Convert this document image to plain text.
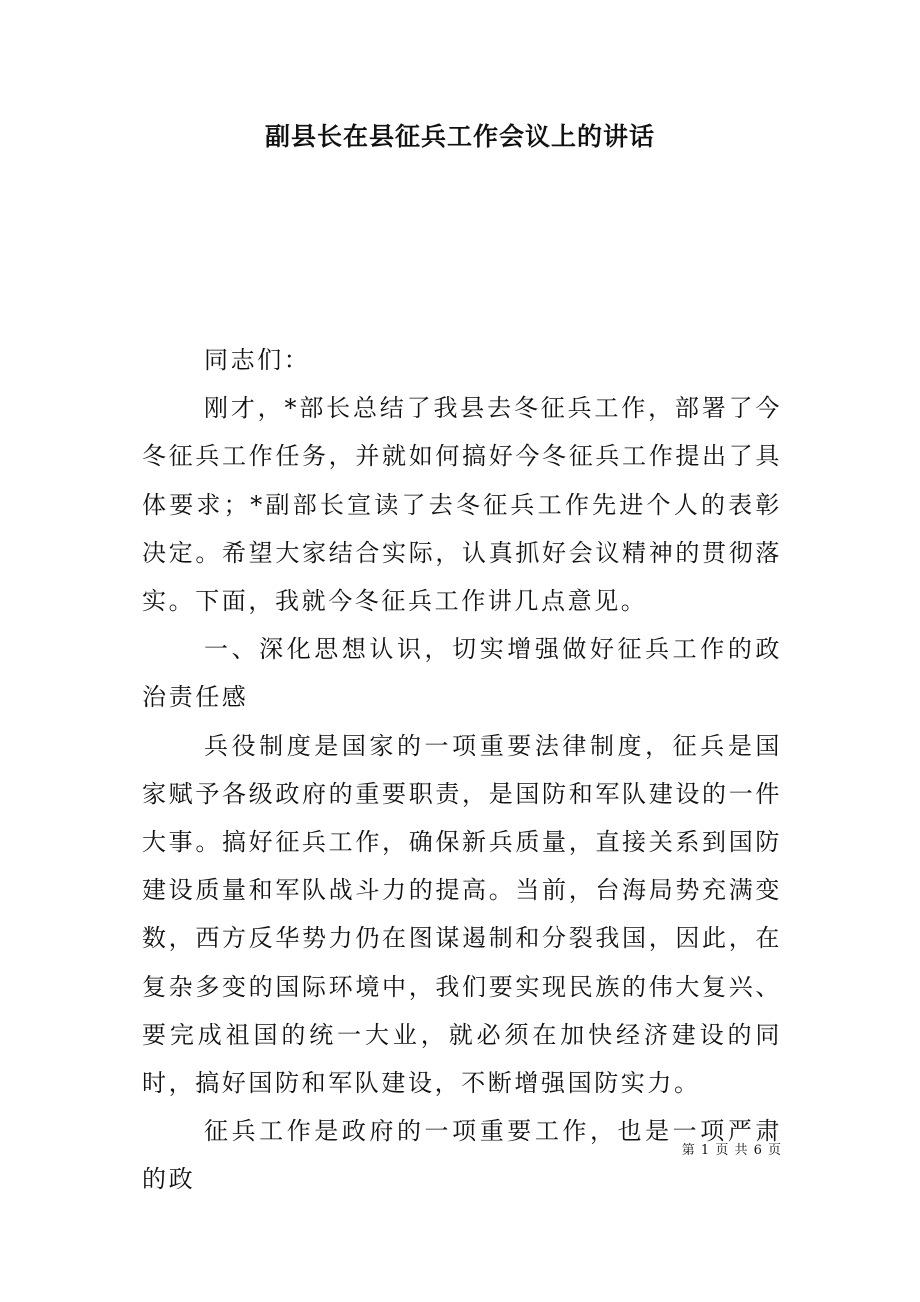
副县长在县征兵工作会议上的讲话

同志们：

刚才，*部长总结了我县去冬征兵工作，部署了今冬征兵工作任务，并就如何搞好今冬征兵工作提出了具体要求；*副部长宣读了去冬征兵工作先进个人的表彰决定。希望大家结合实际，认真抓好会议精神的贯彻落实。下面，我就今冬征兵工作讲几点意见。

一、深化思想认识，切实增强做好征兵工作的政治责任感

兵役制度是国家的一项重要法律制度，征兵是国家赋予各级政府的重要职责，是国防和军队建设的一件大事。搞好征兵工作，确保新兵质量，直接关系到国防建设质量和军队战斗力的提高。当前，台海局势充满变数，西方反华势力仍在图谋遏制和分裂我国，因此，在复杂多变的国际环境中，我们要实现民族的伟大复兴、要完成祖国的统一大业，就必须在加快经济建设的同时，搞好国防和军队建设，不断增强国防实力。

征兵工作是政府的一项重要工作，也是一项严肃的政

第 1 页 共 6 页
